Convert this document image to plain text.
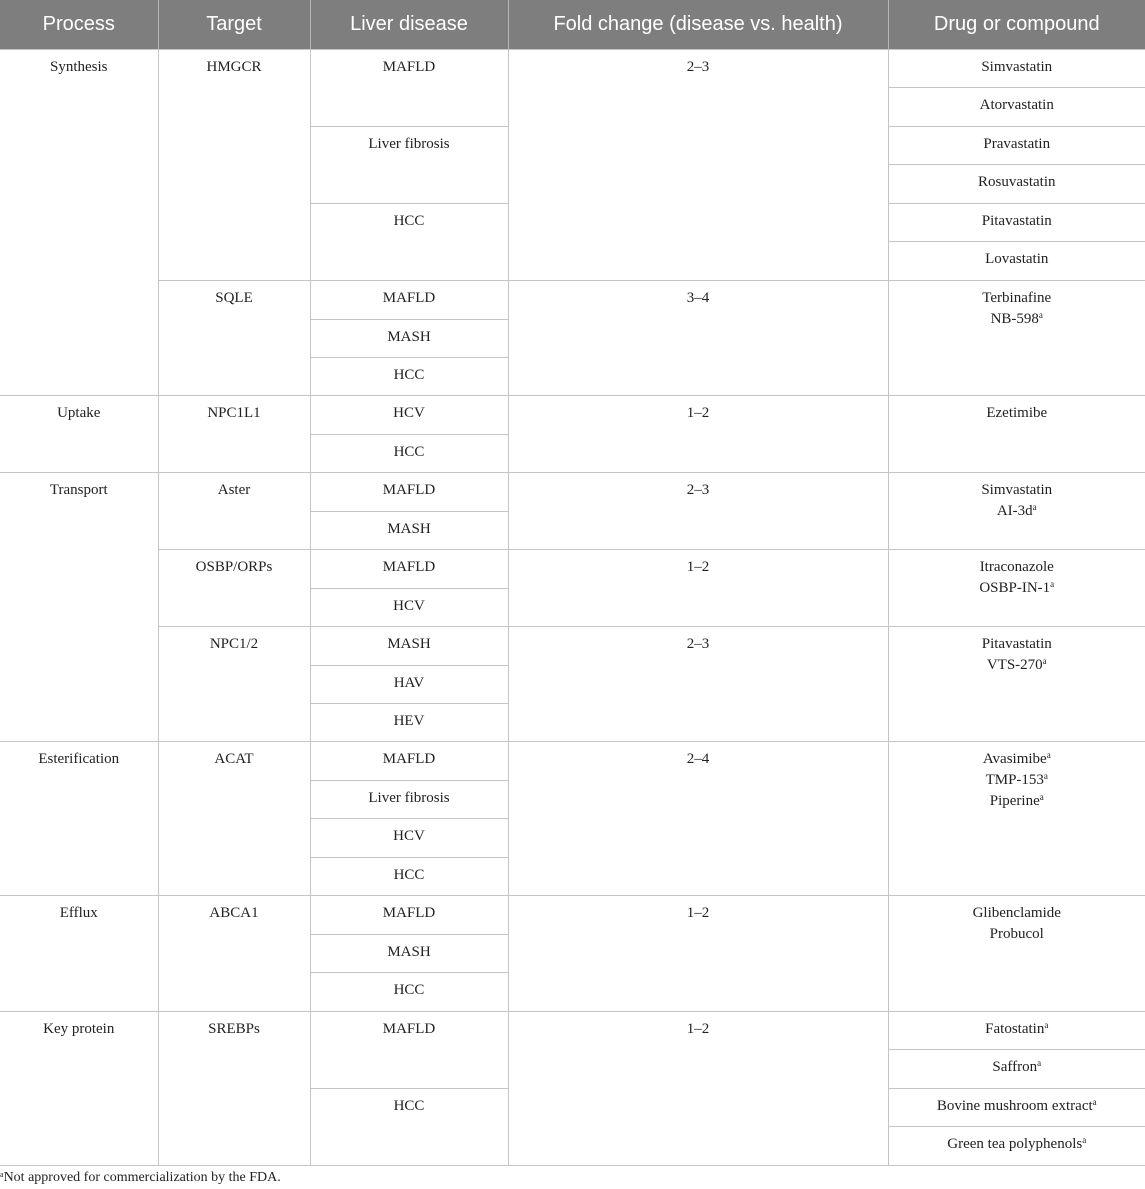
Process	Target	Liver disease	Fold change (disease vs. health)	Drug or compound

Synthesis	HMGCR	MAFLD	2–3	Simvastatin

				Atorvastatin

		Liver fibrosis		Pravastatin

				Rosuvastatin

		HCC		Pitavastatin

				Lovastatin

	SQLE	MAFLD	3–4	Terbinafine
NB-598$^a$

		MASH		

		HCC		

Uptake	NPC1L1	HCV	1–2	Ezetimibe

		HCC		

Transport	Aster	MAFLD	2–3	Simvastatin
$AI-3d^a$

		MASH		

	OSBP/ORPs	MAFLD	1–2	Itraconazole
OSBP-IN-1$^a$

		HCV		

	NPC1/2	MASH	2–3	Pitavastatin
VTS-270$^a$

		HAV		

		HEV		

Esterification	ACAT	MAFLD	2–4	Avasimibe$^a$
TMP-153$^a$
Piperine$^a$

		Liver fibrosis		

		HCV		

		HCC		

Efflux	ABCA1	MAFLD	1–2	Glibenclamide
Probucol

		MASH		

		HCC		

Key protein	SREBPs	MAFLD	1–2	Fatostatin$^a$

				Saffron$^a$

		HCC		Bovine mushroom extract$^a$

				Green tea polyphenols$^a$
$^a$Not approved for commercialization by the FDA.
